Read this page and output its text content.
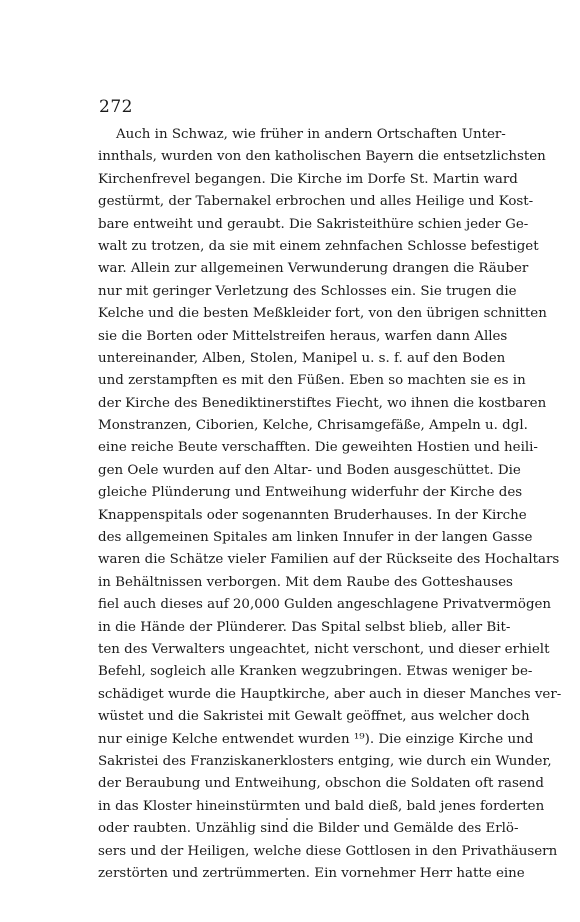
272
Auch in Schwaz, wie früher in andern Ortschaften Unter-
innthals, wurden von den katholischen Bayern die entsetzlichsten
Kirchenfrevel begangen. Die Kirche im Dorfe St. Martin ward
gestürmt, der Tabernakel erbrochen und alles Heilige und Kost-
bare entweiht und geraubt. Die Sakristeithüre schien jeder Ge-
walt zu trotzen, da sie mit einem zehnfachen Schlosse befestiget
war. Allein zur allgemeinen Verwunderung drangen die Räuber
nur mit geringer Verletzung des Schlosses ein. Sie trugen die
Kelche und die besten Meßkleider fort, von den übrigen schnitten
sie die Borten oder Mittelstreifen heraus, warfen dann Alles
untereinander, Alben, Stolen, Manipel u. s. f. auf den Boden
und zerstampften es mit den Füßen. Eben so machten sie es in
der Kirche des Benediktinerstiftes Fiecht, wo ihnen die kostbaren
Monstranzen, Ciborien, Kelche, Chrisamgefäße, Ampeln u. dgl.
eine reiche Beute verschafften. Die geweihten Hostien und heili-
gen Oele wurden auf den Altar- und Boden ausgeschüttet. Die
gleiche Plünderung und Entweihung widerfuhr der Kirche des
Knappenspitals oder sogenannten Bruderhauses. In der Kirche
des allgemeinen Spitales am linken Innufer in der langen Gasse
waren die Schätze vieler Familien auf der Rückseite des Hochaltars
in Behältnissen verborgen. Mit dem Raube des Gotteshauses
fiel auch dieses auf 20,000 Gulden angeschlagene Privatvermögen
in die Hände der Plünderer. Das Spital selbst blieb, aller Bit-
ten des Verwalters ungeachtet, nicht verschont, und dieser erhielt
Befehl, sogleich alle Kranken wegzubringen. Etwas weniger be-
schädiget wurde die Hauptkirche, aber auch in dieser Manches ver-
wüstet und die Sakristei mit Gewalt geöffnet, aus welcher doch
nur einige Kelche entwendet wurden ¹⁹). Die einzige Kirche und
Sakristei des Franziskanerklosters entging, wie durch ein Wunder,
der Beraubung und Entweihung, obschon die Soldaten oft rasend
in das Kloster hineinstürmten und bald dieß, bald jenes forderten
oder raubten. Unzählig sind die Bilder und Gemälde des Erlö-
sers und der Heiligen, welche diese Gottlosen in den Privathäusern
zerstörten und zertrümmerten. Ein vornehmer Herr hatte eine
